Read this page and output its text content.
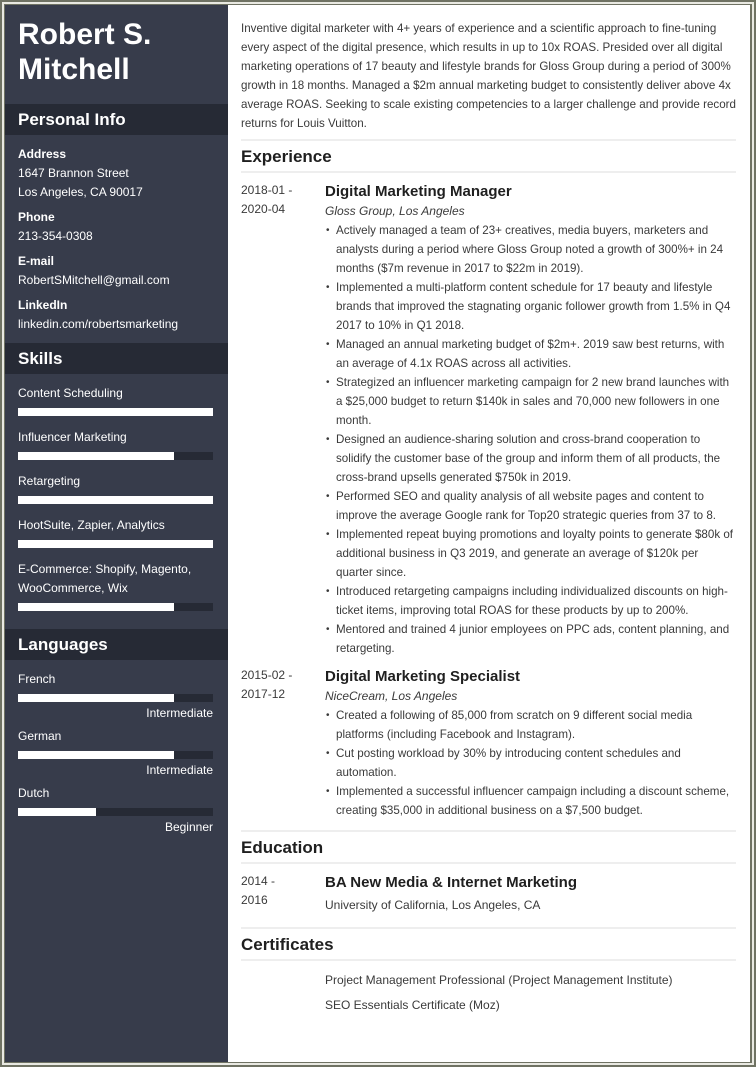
Robert S.
Mitchell
Personal Info
Address
1647 Brannon Street
Los Angeles, CA 90017
Phone
213-354-0308
E-mail
RobertSMitchell@gmail.com
LinkedIn
linkedin.com/robertsmarketing
Skills
Content Scheduling
Influencer Marketing
Retargeting
HootSuite, Zapier, Analytics
E-Commerce: Shopify, Magento, WooCommerce, Wix
Languages
French
Intermediate
German
Intermediate
Dutch
Beginner

Inventive digital marketer with 4+ years of experience and a scientific approach to fine-tuning every aspect of the digital presence, which results in up to 10x ROAS. Presided over all digital marketing operations of 17 beauty and lifestyle brands for Gloss Group during a period of 300% growth in 18 months. Managed a $2m annual marketing budget to consistently deliver above 4x average ROAS. Seeking to scale existing competencies to a larger challenge and provide record returns for Louis Vuitton.

Experience
2018-01 -
2020-04
Digital Marketing Manager
Gloss Group, Los Angeles
• Actively managed a team of 23+ creatives, media buyers, marketers and analysts during a period where Gloss Group noted a growth of 300%+ in 24 months ($7m revenue in 2017 to $22m in 2019).
• Implemented a multi-platform content schedule for 17 beauty and lifestyle brands that improved the stagnating organic follower growth from 1.5% in Q4 2017 to 10% in Q1 2018.
• Managed an annual marketing budget of $2m+. 2019 saw best returns, with an average of 4.1x ROAS across all activities.
• Strategized an influencer marketing campaign for 2 new brand launches with a $25,000 budget to return $140k in sales and 70,000 new followers in one month.
• Designed an audience-sharing solution and cross-brand cooperation to solidify the customer base of the group and inform them of all products, the cross-brand upsells generated $750k in 2019.
• Performed SEO and quality analysis of all website pages and content to improve the average Google rank for Top20 strategic queries from 37 to 8.
• Implemented repeat buying promotions and loyalty points to generate $80k of additional business in Q3 2019, and generate an average of $120k per quarter since.
• Introduced retargeting campaigns including individualized discounts on high-ticket items, improving total ROAS for these products by up to 200%.
• Mentored and trained 4 junior employees on PPC ads, content planning, and retargeting.
2015-02 -
2017-12
Digital Marketing Specialist
NiceCream, Los Angeles
• Created a following of 85,000 from scratch on 9 different social media platforms (including Facebook and Instagram).
• Cut posting workload by 30% by introducing content schedules and automation.
• Implemented a successful influencer campaign including a discount scheme, creating $35,000 in additional business on a $7,500 budget.
Education
2014 -
2016
BA New Media & Internet Marketing
University of California, Los Angeles, CA
Certificates
Project Management Professional (Project Management Institute)
SEO Essentials Certificate (Moz)
